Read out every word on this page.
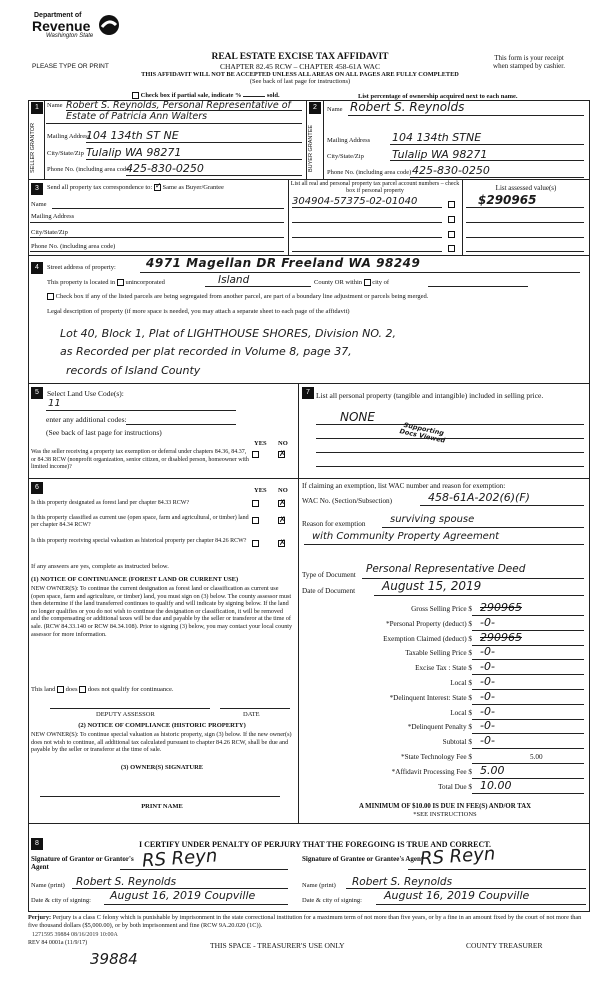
Department of
Revenue
Washington State
PLEASE TYPE OR PRINT
REAL ESTATE EXCISE TAX AFFIDAVIT
CHAPTER 82.45 RCW – CHAPTER 458-61A WAC
THIS AFFIDAVIT WILL NOT BE ACCEPTED UNLESS ALL AREAS ON ALL PAGES ARE FULLY COMPLETED
(See back of last page for instructions)
This form is your receipt
when stamped by cashier.
Check box if partial sale, indicate %	sold.	List percentage of ownership acquired next to each name.
1
SELLER GRANTOR
Name Robert S. Reynolds, Personal Representative of Estate of Patricia Ann Walters
Mailing Address
104 134th ST NE
City/State/Zip Tulalip WA 98271
Phone No. (including area code)
425-830-0250
2
BUYER GRANTEE
Name Robert S. Reynolds
Mailing Address 104 134th STNE
City/State/Zip	Tulalip WA 98271
Phone No. (including area code) 425-830-0250
3	Send all property tax correspondence to: ✓ Same as Buyer/Grantee
Name
Mailing Address
City/State/Zip
Phone No. (including area code)
List all real and personal property tax parcel account numbers – check box if personal property
304904-57375-02-01040
List assessed value(s)
$290965
4	Street address of property:	4971 Magellan DR Freeland WA 98249
This property is located in unincorporated	Island	County OR within city of
Check box if any of the listed parcels are being segregated from another parcel, are part of a boundary line adjustment or parcels being merged.
Legal description of property (if more space is needed, you may attach a separate sheet to each page of the affidavit)
Lot 40, Block 1, Plat of LIGHTHOUSE SHORES, Division NO. 2,
as Recorded per plat recorded in Volume 8, page 37,
records of Island County
5	Select Land Use Code(s):
11
enter any additional codes:
(See back of last page for instructions)
YES NO
Was the seller receiving a property tax exemption or deferral under chapters 84.36, 84.37, or 84.38 RCW (nonprofit organization, senior citizen, or disabled person, homeowner with limited income)?
✗
6	YES NO
Is this property designated as forest land per chapter 84.33 RCW?	✗
Is this property classified as current use (open space, farm and agricultural, or timber) land per chapter 84.34 RCW?
✗
Is this property receiving special valuation as historical property per chapter 84.26 RCW?	✗
If any answers are yes, complete as instructed below.
(1) NOTICE OF CONTINUANCE (FOREST LAND OR CURRENT USE)
NEW OWNER(S): To continue the current designation as forest land or classification as current use (open space, farm and agriculture, or timber) land, you must sign on (3) below. The county assessor must then determine if the land transferred continues to qualify and will indicate by signing below. If the land no longer qualifies or you do not wish to continue the designation or classification, it will be removed and the compensating or additional taxes will be due and payable by the seller or transferor at the time of sale. (RCW 84.33.140 or RCW 84.34.108). Prior to signing (3) below, you may contact your local county assessor for more information.
This land does does not qualify for continuance.
DEPUTY ASSESSOR	DATE
(2) NOTICE OF COMPLIANCE (HISTORIC PROPERTY)
NEW OWNER(S): To continue special valuation as historic property, sign (3) below. If the new owner(s) does not wish to continue, all additional tax calculated pursuant to chapter 84.26 RCW, shall be due and payable by the seller or transferor at the time of sale.
(3) OWNER(S) SIGNATURE
PRINT NAME
7 List all personal property (tangible and intangible) included in selling price.
NONE
Supporting Docs Viewed
If claiming an exemption, list WAC number and reason for exemption:
WAC No. (Section/Subsection)	458-61A-202(6)(F)
Reason for exemption surviving spouse
with Community Property Agreement
Type of Document Personal Representative Deed
Date of Document August 15, 2019
Gross Selling Price $ 290965
*Personal Property (deduct) $ -0-
Exemption Claimed (deduct) $ 290965
Taxable Selling Price $ -0-
Excise Tax : State $ -0-
Local $ -0-
*Delinquent Interest: State $ -0-
Local $ -0-
*Delinquent Penalty $ -0-
Subtotal $ -0-
*State Technology Fee $	5.00
*Affidavit Processing Fee $ 5.00
Total Due $ 10.00
A MINIMUM OF $10.00 IS DUE IN FEE(S) AND/OR TAX
*SEE INSTRUCTIONS
8	I CERTIFY UNDER PENALTY OF PERJURY THAT THE FOREGOING IS TRUE AND CORRECT.
Signature of Grantor or Grantor's Agent	RS Reyn
Name (print) Robert S. Reynolds
Date & city of signing: August 16, 2019 Coupville
Signature of Grantee or Grantee's Agent
RS Reyn
Name (print) Robert S. Reynolds
Date & city of signing: August 16, 2019 Coupville
Perjury: Perjury is a class C felony which is punishable by imprisonment in the state correctional institution for a maximum term of not more than five years, or by a fine in an amount fixed by the court of not more than five thousand dollars ($5,000.00), or by both imprisonment and fine (RCW 9A.20.020 (1C)).
1271595 39884 08/16/2019 10:00A
REV 84 0001a (11/9/17)	THIS SPACE - TREASURER'S USE ONLY	COUNTY TREASURER
39884
